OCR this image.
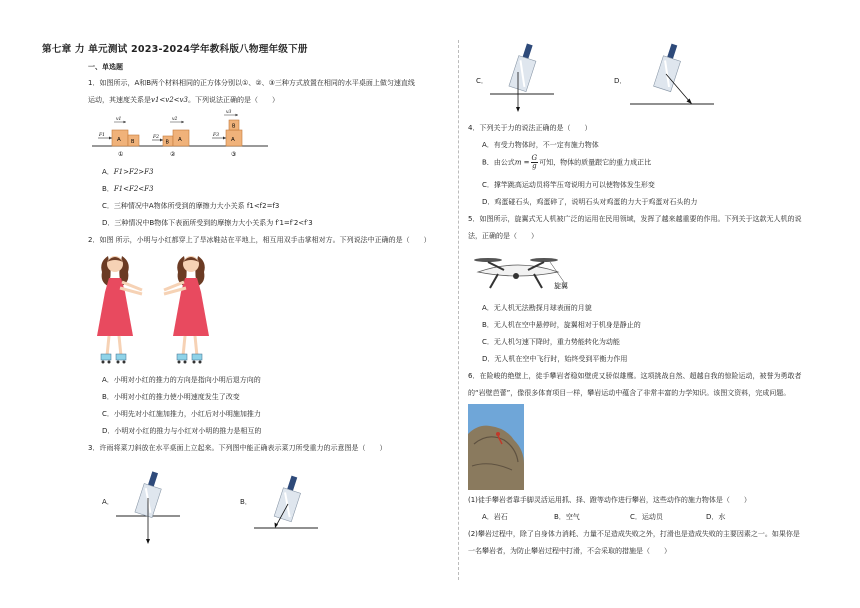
第七章 力 单元测试 2023-2024学年教科版八物理年级下册
一、单选题
1．如图所示，A和B两个材料相同的正方体分别以①、②、③三种方式放置在相同的水平桌面上做匀速直线
运动，其速度关系是v1<v2<v3。下列说法正确的是（　　）
A B
F1
v1
①
B A
F2
v2
②
B
A
F3
v3
③
A．F1>F2>F3
B．F1<F2<F3
C．三种情况中A物体所受到的摩擦力大小关系 f1<f2=f3
D．三种情况中B物体下表面所受到的摩擦力大小关系为 f′1=f′2<f′3
2．如图 所示，小明与小红都穿上了旱冰鞋站在平地上，相互用双手击掌相对方。下列说法中正确的是（　　）
A．小明对小红的推力的方向是指向小明后退方向的
B．小明对小红的推力使小明速度发生了改变
C．小明先对小红施加推力，小红后对小明施加推力
D．小明对小红的推力与小红对小明的推力是相互的
3．许雨将菜刀斜放在水平桌面上立起来。下列图中能正确表示菜刀所受重力的示意图是（　　）
A．	B．
C．	D．
4．下列关于力的说法正确的是（　　）
A．有受力物体时，不一定有施力物体
B．由公式$m = \frac{G}{g}$ 可知，物体的质量跟它的重力成正比
C．撑竿跳高运动员将竿压弯说明力可以使物体发生形变
D．鸡蛋碰石头，鸡蛋碎了，说明石头对鸡蛋的力大于鸡蛋对石头的力
5．如图所示，旋翼式无人机被广泛的运用在民用领域，发挥了越来越重要的作用。下列关于这款无人机的说
法，正确的是（　　）
旋翼
A．无人机无法勘探月球表面的月貌
B．无人机在空中悬停时，旋翼相对于机身是静止的
C．无人机匀速下降时，重力势能转化为动能
D．无人机在空中飞行时，始终受到平衡力作用
6．在险峻的绝壁上，徒手攀岩者稳如壁虎又骄似雄鹰。这项挑战自然、超越自我的惊险运动，被誉为勇敢者
的“岩壁芭蕾”，像很多体育项目一样，攀岩运动中蕴含了非常丰富的力学知识。该图文资料，完成问题。
(1)徒手攀岩者靠手脚灵活运用抓、择、蹬等动作进行攀岩，这些动作的施力物体是（　　）
A．岩石	B．空气	C．运动员	D．水
(2)攀岩过程中，除了自身体力消耗、力量不足造成失败之外，打滑也是造成失败的主要因素之一。如果你是
一名攀岩者，为防止攀岩过程中打滑，不会采取的措施是（　　）
